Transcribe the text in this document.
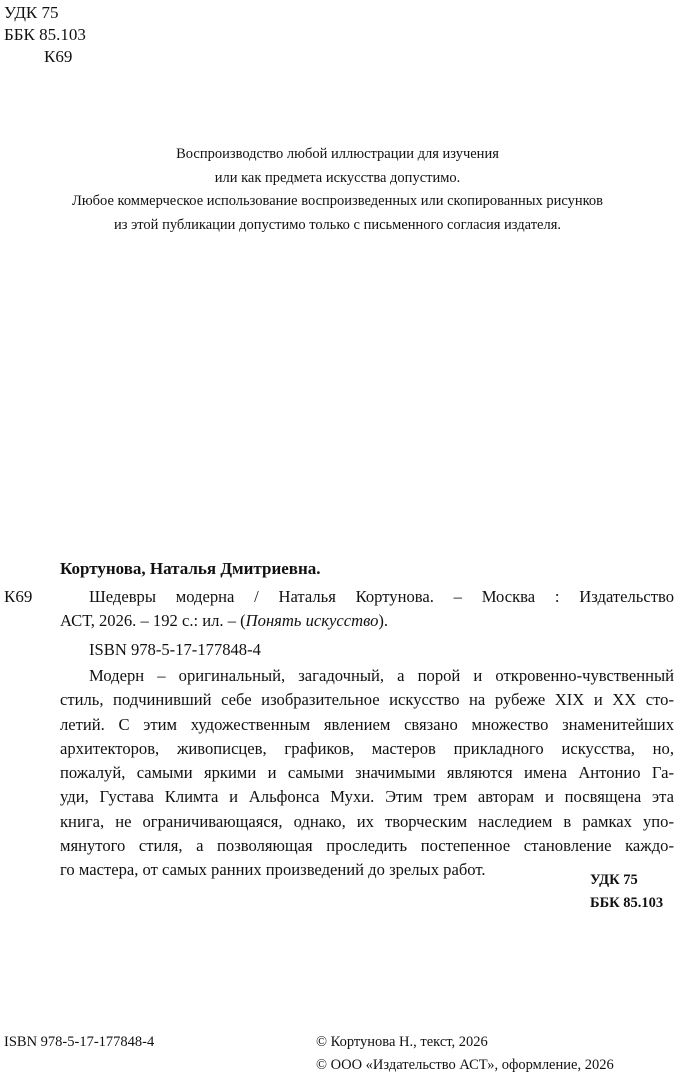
УДК 75
ББК 85.103
К69
Воспроизводство любой иллюстрации для изучения
или как предмета искусства допустимо.
Любое коммерческое использование воспроизведенных или скопированных рисунков
из этой публикации допустимо только с письменного согласия издателя.
Кортунова, Наталья Дмитриевна.
К69	Шедевры модерна / Наталья Кортунова. – Москва : Издательство
АСТ, 2026. – 192 с.: ил. – (Понять искусство).
ISBN 978-5-17-177848-4
Модерн – оригинальный, загадочный, а порой и откровенно-чувственный
стиль, подчинивший себе изобразительное искусство на рубеже XIX и XX сто-
летий. С этим художественным явлением связано множество знаменитейших
архитекторов, живописцев, графиков, мастеров прикладного искусства, но,
пожалуй, самыми яркими и самыми значимыми являются имена Антонио Га-
уди, Густава Климта и Альфонса Мухи. Этим трем авторам и посвящена эта
книга, не ограничивающаяся, однако, их творческим наследием в рамках упо-
мянутого стиля, а позволяющая проследить постепенное становление каждо-
го мастера, от самых ранних произведений до зрелых работ.
УДК 75
ББК 85.103
ISBN 978-5-17-177848-4	© Кортунова Н., текст, 2026
© ООО «Издательство АСТ», оформление, 2026
